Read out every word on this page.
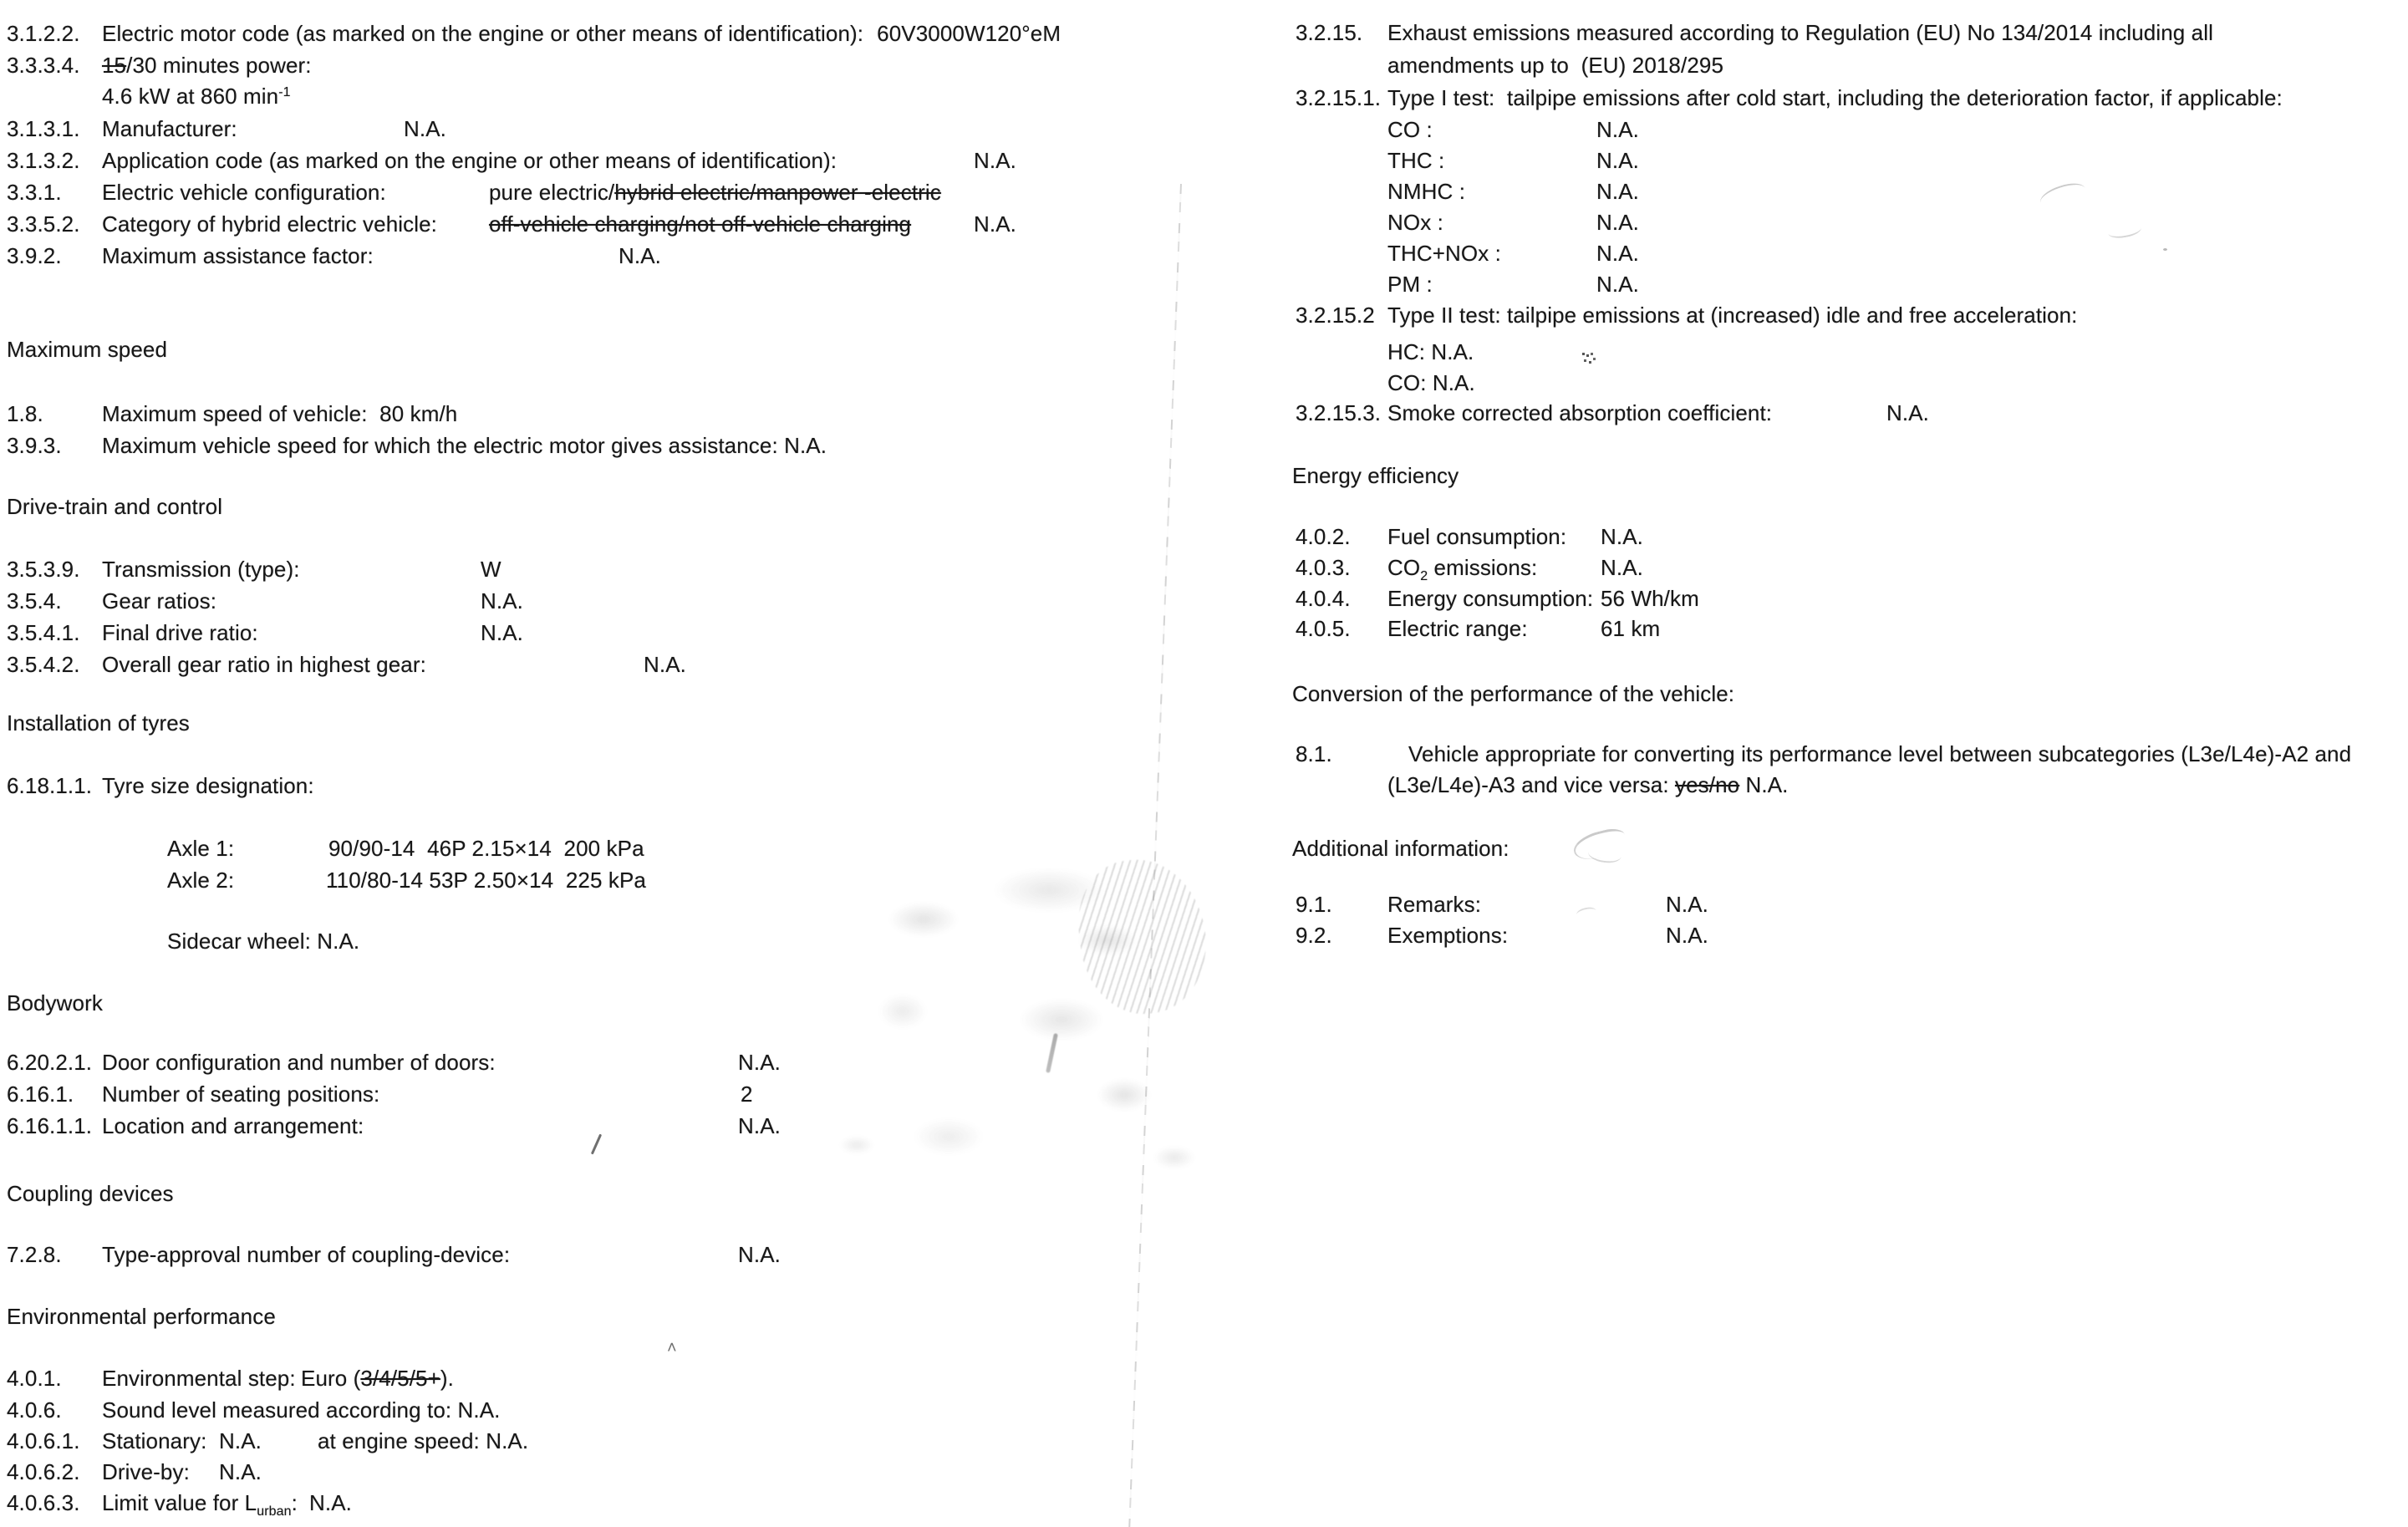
3.1.2.2. Electric motor code (as marked on the engine or other means of identification): 60V3000W120°eM
3.3.3.4. 15/30 minutes power:
4.6 kW at 860 $\min^{-1}$
3.1.3.1. Manufacturer:	N.A.
3.1.3.2. Application code (as marked on the engine or other means of identification):	N.A.
3.3.1. Electric vehicle configuration:	pure electric/hybrid electric/manpower -electric
3.3.5.2. Category of hybrid electric vehicle: off-vehicle charging/not off-vehicle charging	N.A.
3.9.2. Maximum assistance factor:	N.A.
Maximum speed
1.8.	Maximum speed of vehicle:  80 km/h
3.9.3. Maximum vehicle speed for which the electric motor gives assistance: N.A.
Drive-train and control
3.5.3.9. Transmission (type):	W
3.5.4. Gear ratios:	N.A.
3.5.4.1. Final drive ratio:	N.A.
3.5.4.2. Overall gear ratio in highest gear:	N.A.
Installation of tyres
6.18.1.1. Tyre size designation:
Axle 1:	90/90-14  46P 2.15×14  200 kPa
Axle 2:	110/80-14 53P 2.50×14  225 kPa
Sidecar wheel: N.A.
Bodywork
6.20.2.1. Door configuration and number of doors:	N.A.
6.16.1. Number of seating positions:	2
6.16.1.1. Location and arrangement:	N.A.
Coupling devices
7.2.8. Type-approval number of coupling-device:	N.A.
Environmental performance
4.0.1. Environmental step: Euro (3/4/5/5+).
4.0.6. Sound level measured according to: N.A.
4.0.6.1. Stationary: N.A.	at engine speed: N.A.
4.0.6.2. Drive-by: N.A.
4.0.6.3. Limit value for $L_{urban}$: N.A.
3.2.15. Exhaust emissions measured according to Regulation (EU) No 134/2014 including all
amendments up to  (EU) 2018/295
3.2.15.1. Type I test:  tailpipe emissions after cold start, including the deterioration factor, if applicable:
CO :	N.A.
THC :	N.A.
NMHC :	N.A.
NOx :	N.A.
THC+NOx :	N.A.
PM :	N.A.
3.2.15.2 Type II test: tailpipe emissions at (increased) idle and free acceleration:
HC: N.A.
CO: N.A.
3.2.15.3. Smoke corrected absorption coefficient:	N.A.
Energy efficiency
4.0.2. Fuel consumption: N.A.
4.0.3. $CO_2$ emissions:	N.A.
4.0.4. Energy consumption: 56 Wh/km
4.0.5. Electric range:	61 km
Conversion of the performance of the vehicle:
8.1.	Vehicle appropriate for converting its performance level between subcategories (L3e/L4e)-A2 and
(L3e/L4e)-A3 and vice versa: yes/no N.A.
Additional information:
9.1.	Remarks:	N.A.
9.2.	Exemptions:	N.A.
˄
